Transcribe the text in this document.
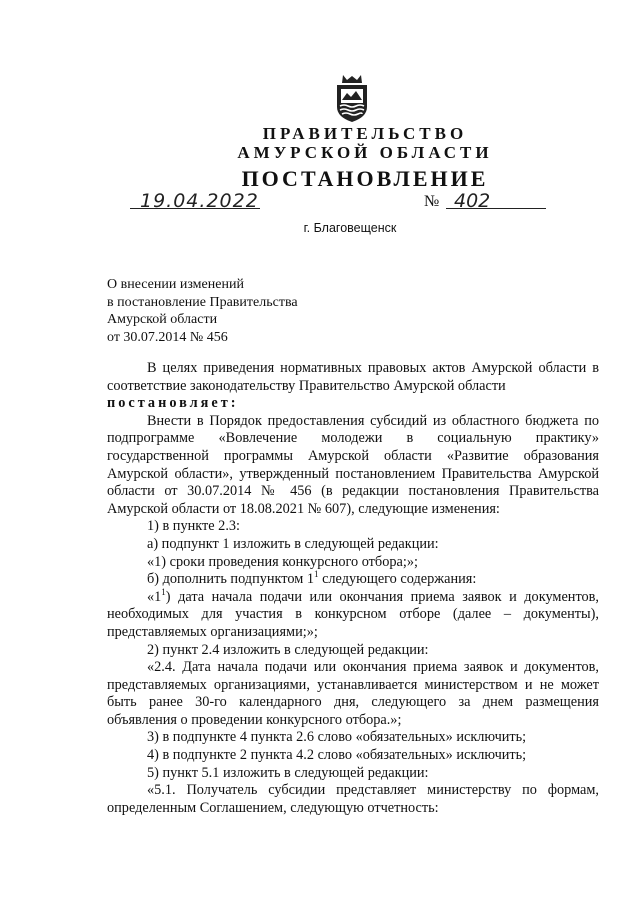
ПРАВИТЕЛЬСТВО
АМУРСКОЙ ОБЛАСТИ
ПОСТАНОВЛЕНИЕ
19.04.2022	№ 402
г. Благовещенск
О внесении изменений
в постановление Правительства
Амурской области
от 30.07.2014 № 456

В целях приведения нормативных правовых актов Амурской области в соответствие законодательству Правительство Амурской области

постановляет:

Внести в Порядок предоставления субсидий из областного бюджета по подпрограмме «Вовлечение молодежи в социальную практику» государственной программы Амурской области «Развитие образования Амурской области», утвержденный постановлением Правительства Амурской области от 30.07.2014 № 456 (в редакции постановления Правительства Амурской области от 18.08.2021 № 607), следующие изменения:

1) в пункте 2.3:

а) подпункт 1 изложить в следующей редакции:

«1) сроки проведения конкурсного отбора;»;

б) дополнить подпунктом $1^1$ следующего содержания:

«$1^1$) дата начала подачи или окончания приема заявок и документов, необходимых для участия в конкурсном отборе (далее – документы), представляемых организациями;»;

2) пункт 2.4 изложить в следующей редакции:

«2.4. Дата начала подачи или окончания приема заявок и документов, представляемых организациями, устанавливается министерством и не может быть ранее 30-го календарного дня, следующего за днем размещения объявления о проведении конкурсного отбора.»;

3) в подпункте 4 пункта 2.6 слово «обязательных» исключить;

4) в подпункте 2 пункта 4.2 слово «обязательных» исключить;

5) пункт 5.1 изложить в следующей редакции:

«5.1. Получатель субсидии представляет министерству по формам, определенным Соглашением, следующую отчетность:
